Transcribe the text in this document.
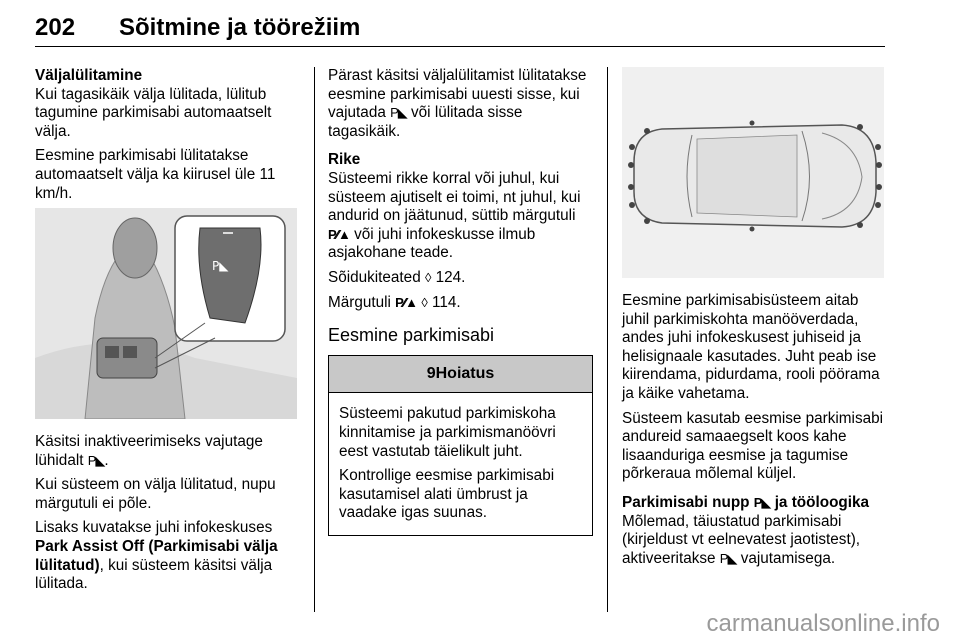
202 Sõitmine ja töörežiim
Väljalülitamine

Kui tagasikäik välja lülitada, lülitub tagumine parkimisabi automaatselt välja.

Eesmine parkimisabi lülitatakse automaatselt välja ka kiirusel üle 11 km/h.

P◣

Käsitsi inaktiveerimiseks vajutage lühidalt P◣.

Kui süsteem on välja lülitatud, nupu märgutuli ei põle.

Lisaks kuvatakse juhi infokeskuses Park Assist Off (Parkimisabi välja lülitatud), kui süsteem käsitsi välja lülitada.

Pärast käsitsi väljalülitamist lülitatakse eesmine parkimisabi uuesti sisse, kui vajutada P◣ või lülitada sisse tagasikäik.

Rike

Süsteemi rikke korral või juhul, kui süsteem ajutiselt ei toimi, nt juhul, kui andurid on jäätunud, süttib märgutuli P⁄⁄▲ või juhi infokeskusse ilmub asjakohane teade.

Sõidukiteated ◊ 124.

Märgutuli P⁄⁄▲ ◊ 114.

Eesmine parkimisabi

9Hoiatus

Süsteemi pakutud parkimiskoha kinnitamise ja parkimismanöövri eest vastutab täielikult juht.

Kontrollige eesmise parkimisabi kasutamisel alati ümbrust ja vaadake igas suunas.

Eesmine parkimisabisüsteem aitab juhil parkimiskohta manööverdada, andes juhi infokeskusest juhiseid ja helisignaale kasutades. Juht peab ise kiirendama, pidurdama, rooli pöörama ja käike vahetama.

Süsteem kasutab eesmise parkimisabi andureid samaaegselt koos kahe lisaanduriga eesmise ja tagumise põrkeraua mõlemal küljel.

Parkimisabi nupp P◣ ja tööloogika

Mõlemad, täiustatud parkimisabi (kirjeldust vt eelnevatest jaotistest), aktiveeritakse P◣ vajutamisega.

carmanualsonline.info
